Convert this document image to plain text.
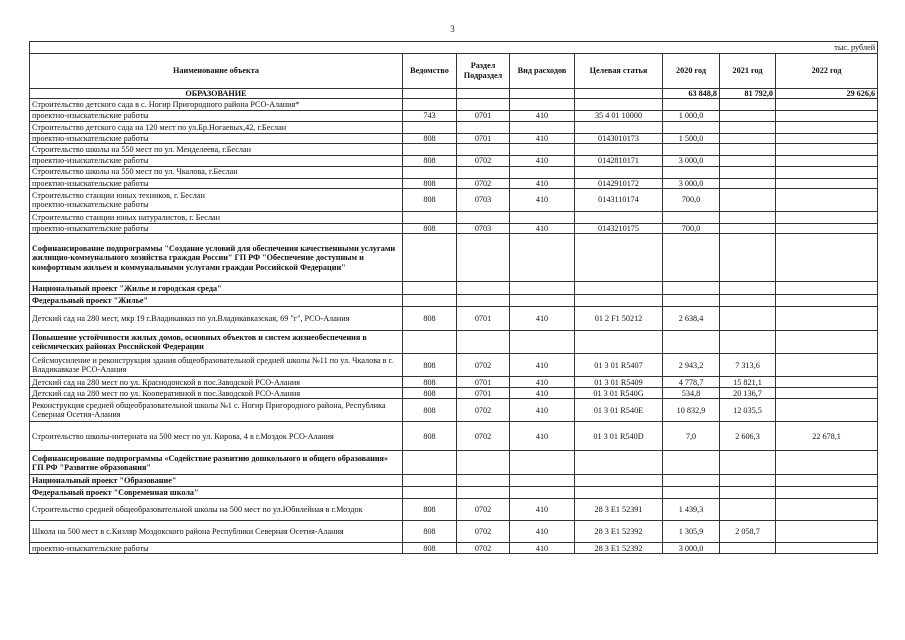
3
тыс. рублей							
Наименование объекта	Ведомство	Раздел Подраздел	Вид расходов	Целевая статья	2020 год	2021 год	2022 год
ОБРАЗОВАНИЕ					63 848,8	81 792,0	29 626,6
Строительство детского сада в с. Ногир Пригородного района РСО-Алания*							
проектно-изыскательские работы	743	0701	410	35 4 01 10000	1 000,0		
Строительство детского сада на 120 мест по ул.Бр.Ногаевых,42, г.Беслан							
проектно-изыскательские работы	808	0701	410	0143010173	1 500,0		
Строительство школы на 550 мест по ул. Менделеева, г.Беслан							
проектно-изыскательские работы	808	0702	410	0142810171	3 000,0		
Строительство школы на 550 мест по ул. Чкалова, г.Беслан							
проектно-изыскательские работы	808	0702	410	0142910172	3 000,0		
Строительство станции юных техников, г. Беслан
проектно-изыскательские работы	808	0703	410	0143110174	700,0		
Строительство станции юных натуралистов, г. Беслан							
проектно-изыскательские работы	808	0703	410	0143210175	700,0		
Софинансирование подпрограммы "Создание условий для обеспечения качественными услугами жилищно-коммунального хозяйства граждан России" ГП РФ "Обеспечение доступным и комфортным жильем и коммунальными услугами граждан Российской Федерации"							
Национальный проект "Жилье и городская среда"							
Федеральный проект "Жилье"							
Детский сад на 280 мест, мкр 19 г.Владикавказ по ул.Владикавказская, 69 "г", РСО-Алания	808	0701	410	01 2 F1 50212	2 638,4		
Повышение устойчивости жилых домов, основных объектов и систем жизнеобеспечения в сейсмических районах Российской Федерации							
Сейсмоусиление и реконструкция здания общеобразовательной средней школы №11 по ул. Чкалова в г. Владикавказе РСО-Алания	808	0702	410	01 3 01 R5407	2 943,2	7 313,6	
Детский сад на 280 мест по ул. Краснодонской в пос.Заводской РСО-Алания	808	0701	410	01 3 01 R5409	4 778,7	15 821,1	
Детский сад на 280 мест по ул. Кооперативной в пос.Заводской РСО-Алания	808	0701	410	01 3 01 R540G	534,8	20 136,7	
Реконструкция средней общеобразовательной школы №1 с. Ногир Пригородного района, Республика Северная Осетия-Алания	808	0702	410	01 3 01 R540E	10 832,9	12 035,5	
Строительство школы-интерната на 500 мест по ул. Кирова, 4 в г.Моздок РСО-Алания	808	0702	410	01 3 01 R540D	7,0	2 606,3	22 678,1
Софинансирование подпрограммы «Содействие развитию дошкольного и общего образования» ГП РФ "Развитие образования"							
Национальный проект "Образование"							
Федеральный проект "Современная школа"							
Строительство средней общеобразовательной школы на 500 мест по ул.Юбилейная в г.Моздок	808	0702	410	28 3 E1 52391	1 439,3		
Школа на 500 мест в с.Кизляр Моздокского района Республики Северная Осетия-Алания	808	0702	410	28 3 E1 52392	1 305,9	2 058,7	
проектно-изыскательские работы	808	0702	410	28 3 E1 52392	3 000,0		
